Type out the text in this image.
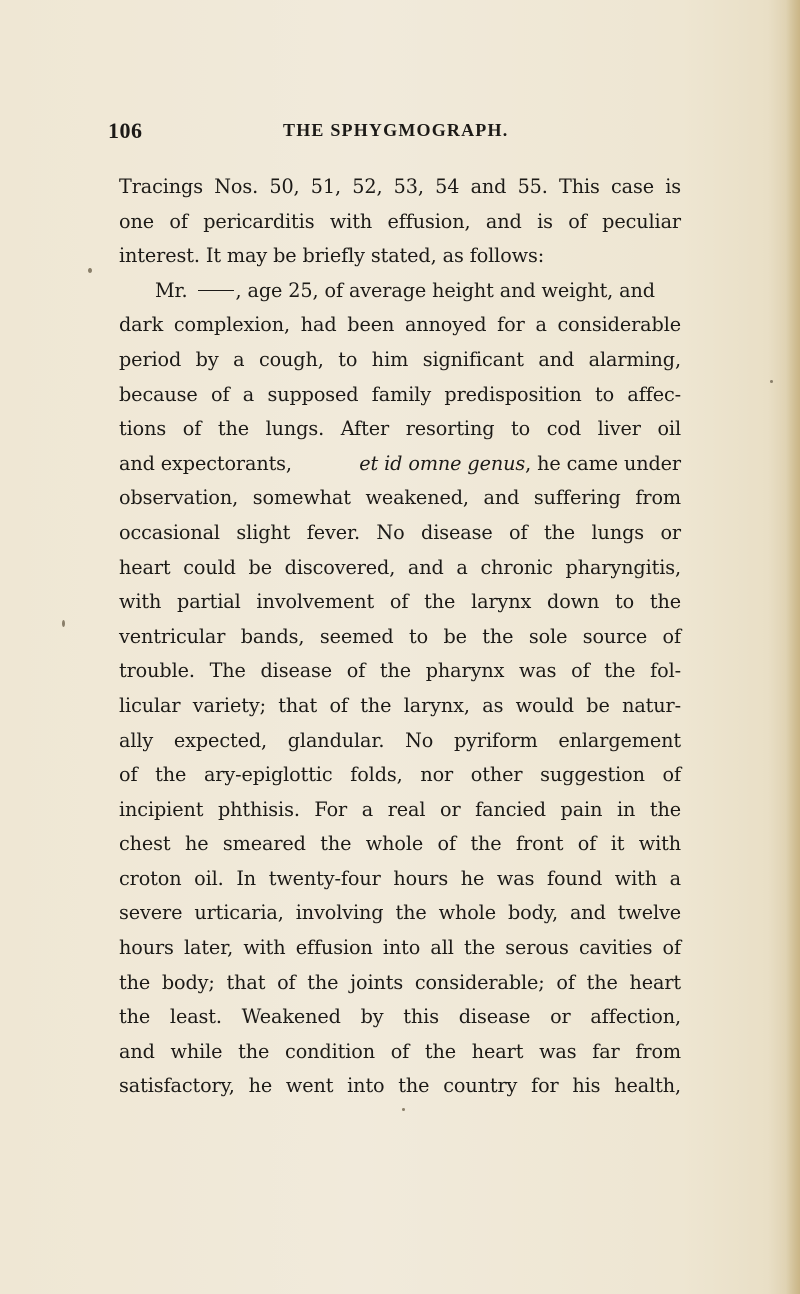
106	THE SPHYGMOGRAPH.
Tracings Nos. 50, 51, 52, 53, 54 and 55. This case is
one of pericarditis with effusion, and is of peculiar
interest. It may be briefly stated, as follows:
Mr.	, age 25, of average height and weight, and
dark complexion, had been annoyed for a considerable
period by a cough, to him significant and alarming,
because of a supposed family predisposition to affec-
tions of the lungs. After resorting to cod liver oil
and expectorants,	et id omne genus, he came under
observation, somewhat weakened, and suffering from
occasional slight fever. No disease of the lungs or
heart could be discovered, and a chronic pharyngitis,
with partial involvement of the larynx down to the
ventricular bands, seemed to be the sole source of
trouble. The disease of the pharynx was of the fol-
licular variety; that of the larynx, as would be natur-
ally expected, glandular. No pyriform enlargement
of the ary-epiglottic folds, nor other suggestion of
incipient phthisis. For a real or fancied pain in the
chest he smeared the whole of the front of it with
croton oil. In twenty-four hours he was found with a
severe urticaria, involving the whole body, and twelve
hours later, with effusion into all the serous cavities of
the body; that of the joints considerable; of the heart
the least. Weakened by this disease or affection,
and while the condition of the heart was far from
satisfactory, he went into the country for his health,
